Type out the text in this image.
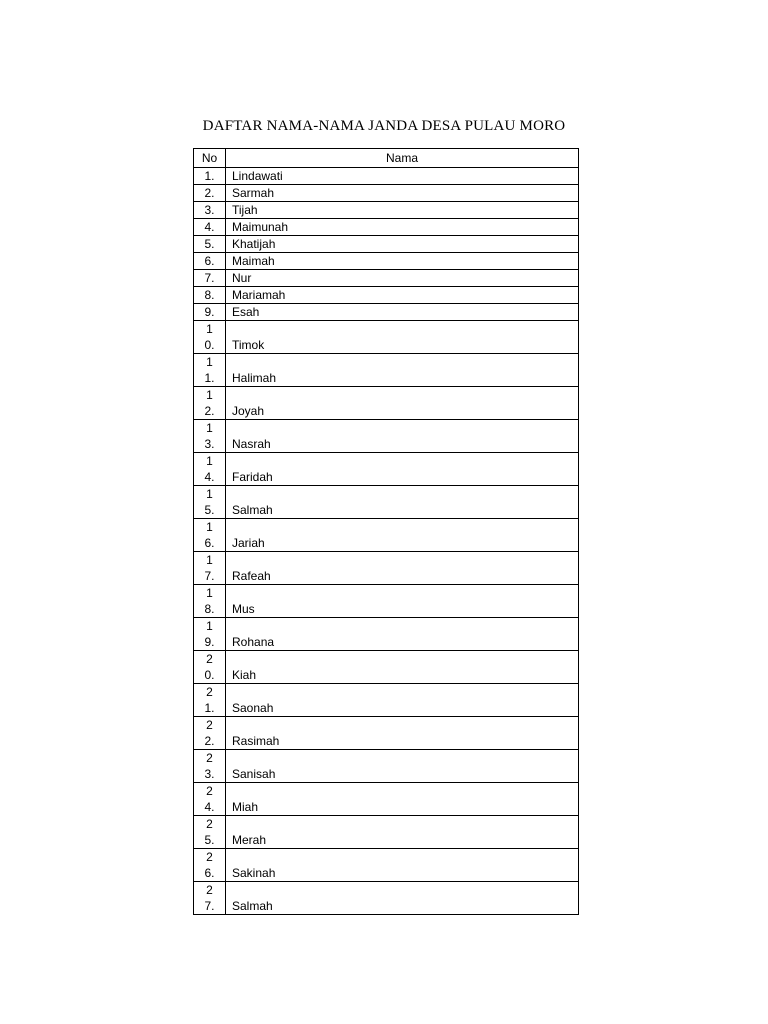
DAFTAR NAMA-NAMA JANDA DESA PULAU MORO
No	Nama
1.	Lindawati
2.	Sarmah
3.	Tijah
4.	Maimunah
5.	Khatijah
6.	Maimah
7.	Nur
8.	Mariamah
9.	Esah
10.	Timok
11.	Halimah
12.	Joyah
13.	Nasrah
14.	Faridah
15.	Salmah
16.	Jariah
17.	Rafeah
18.	Mus
19.	Rohana
20.	Kiah
21.	Saonah
22.	Rasimah
23.	Sanisah
24.	Miah
25.	Merah
26.	Sakinah
27.	Salmah
